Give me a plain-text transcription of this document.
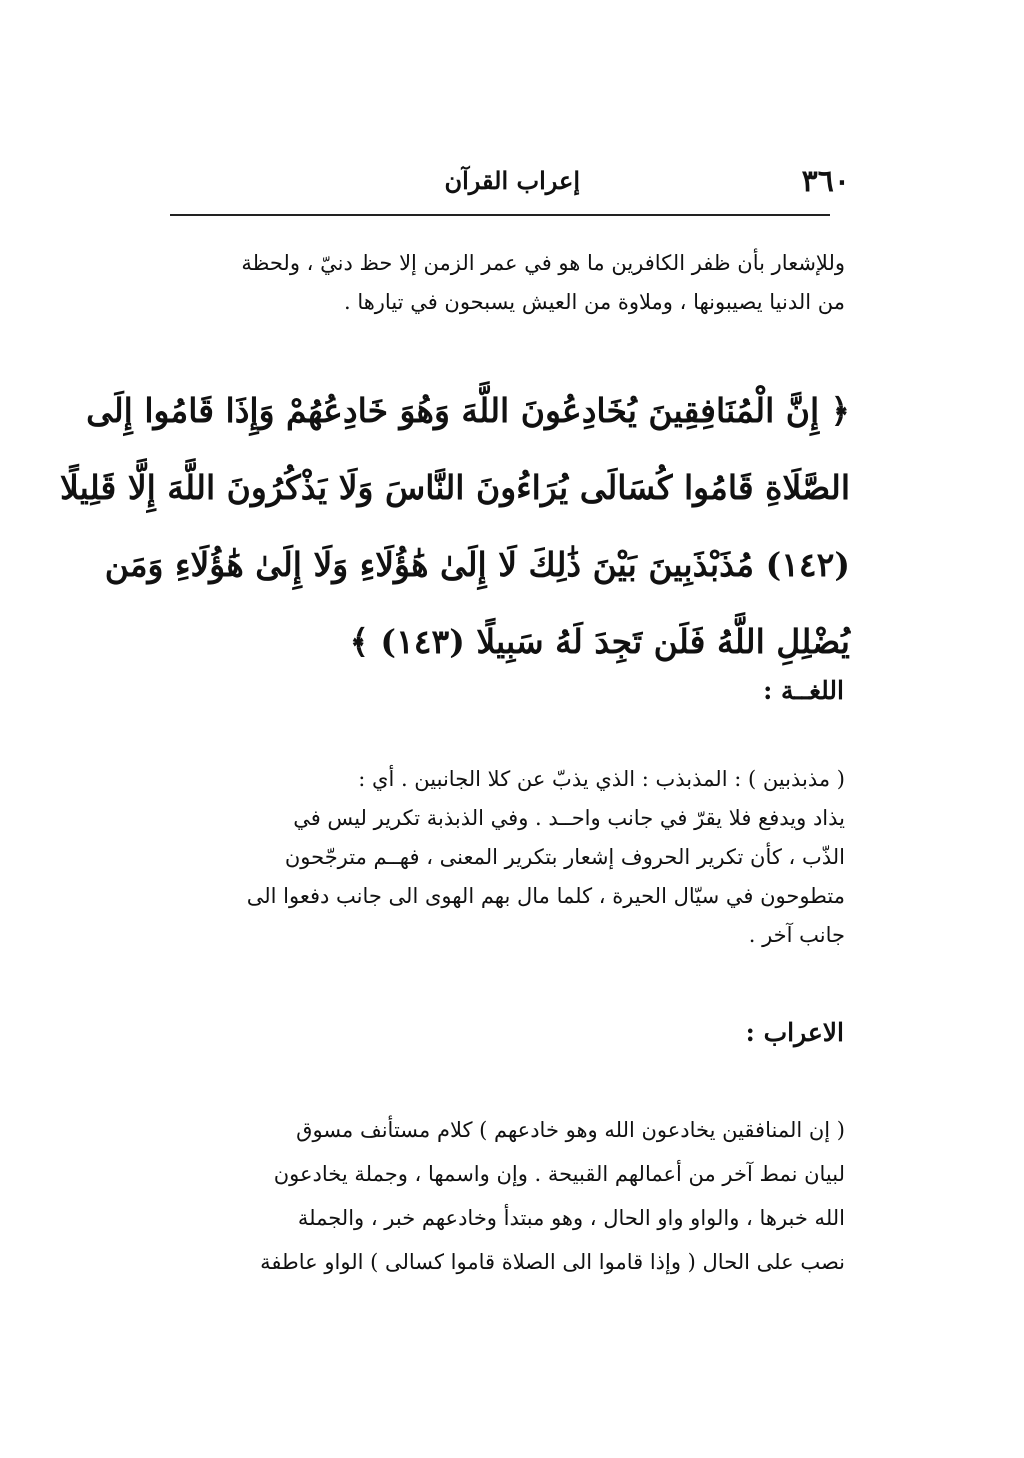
٣٦٠
إعراب القرآن
وللإشعار بأن ظفر الكافرين ما هو في عمر الزمن إلا حظ دنيّ ، ولحظة
من الدنيا يصيبونها ، وملاوة من العيش يسبحون في تيارها .
﴿ إِنَّ الْمُنَافِقِينَ يُخَادِعُونَ اللَّهَ وَهُوَ خَادِعُهُمْ وَإِذَا قَامُوا إِلَى
الصَّلَاةِ قَامُوا كُسَالَى يُرَاءُونَ النَّاسَ وَلَا يَذْكُرُونَ اللَّهَ إِلَّا قَلِيلًا
(١٤٢) مُذَبْذَبِينَ بَيْنَ ذَٰلِكَ لَا إِلَىٰ هَٰؤُلَاءِ وَلَا إِلَىٰ هَٰؤُلَاءِ وَمَن
يُضْلِلِ اللَّهُ فَلَن تَجِدَ لَهُ سَبِيلًا (١٤٣) ﴾
اللغــة :
( مذبذبين ) : المذبذب : الذي يذبّ عن كلا الجانبين . أي :
يذاد ويدفع فلا يقرّ في جانب واحــد . وفي الذبذبة تكرير ليس في
الذّب ، كأن تكرير الحروف إشعار بتكرير المعنى ، فهــم مترجّحون
متطوحون في سيّال الحيرة ، كلما مال بهم الهوى الى جانب دفعوا الى
جانب آخر .
الاعراب :
( إن المنافقين يخادعون الله وهو خادعهم ) كلام مستأنف مسوق
لبيان نمط آخر من أعمالهم القبيحة . وإن واسمها ، وجملة يخادعون
الله خبرها ، والواو واو الحال ، وهو مبتدأ وخادعهم خبر ، والجملة
نصب على الحال ( وإذا قاموا الى الصلاة قاموا كسالى ) الواو عاطفة
